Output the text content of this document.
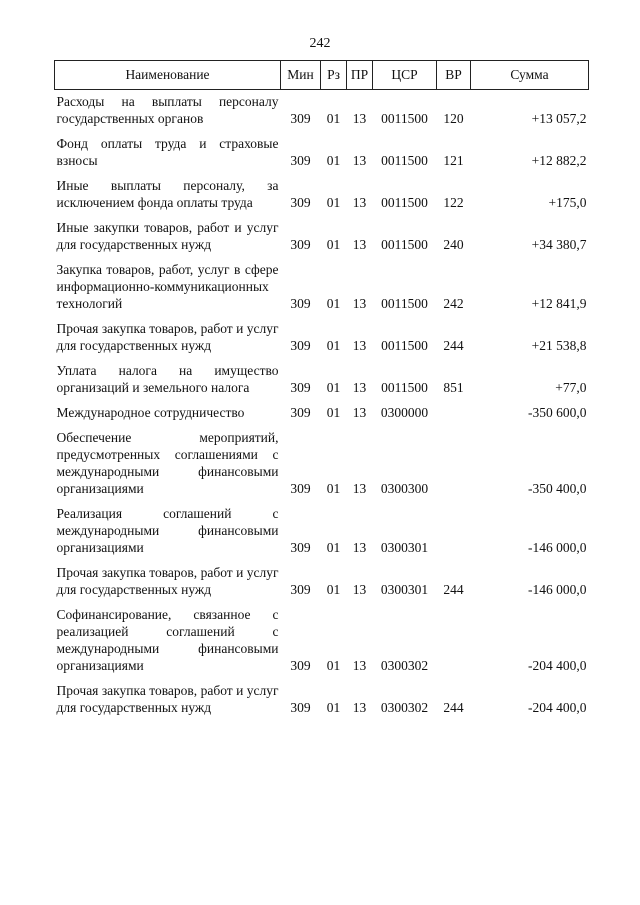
242
Наименование	Мин	Рз	ПР	ЦСР	ВР	Сумма
Расходы на выплаты персоналу государственных органов	309	01	13	0011500	120	+13 057,2
Фонд оплаты труда и страховые взносы	309	01	13	0011500	121	+12 882,2
Иные выплаты персоналу, за исключением фонда оплаты труда	309	01	13	0011500	122	+175,0
Иные закупки товаров, работ и услуг для государственных нужд	309	01	13	0011500	240	+34 380,7
Закупка товаров, работ, услуг в сфере информационно-коммуникационных технологий	309	01	13	0011500	242	+12 841,9
Прочая закупка товаров, работ и услуг для государственных нужд	309	01	13	0011500	244	+21 538,8
Уплата налога на имущество организаций и земельного налога	309	01	13	0011500	851	+77,0
Международное сотрудничество	309	01	13	0300000		-350 600,0
Обеспечение мероприятий, предусмотренных соглашениями с международными финансовыми организациями	309	01	13	0300300		-350 400,0
Реализация соглашений с международными финансовыми организациями	309	01	13	0300301		-146 000,0
Прочая закупка товаров, работ и услуг для государственных нужд	309	01	13	0300301	244	-146 000,0
Софинансирование, связанное с реализацией соглашений с международными финансовыми организациями	309	01	13	0300302		-204 400,0
Прочая закупка товаров, работ и услуг для государственных нужд	309	01	13	0300302	244	-204 400,0
